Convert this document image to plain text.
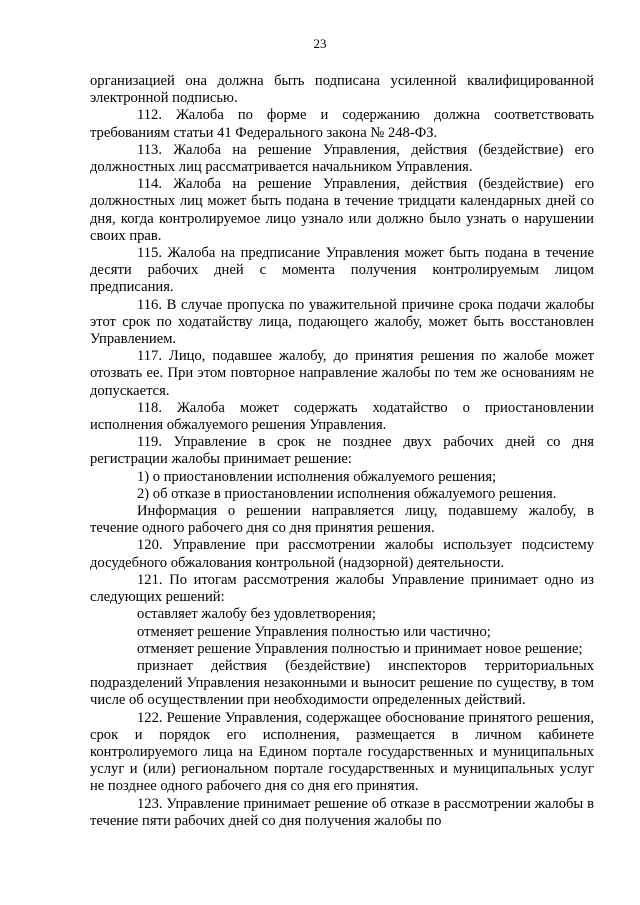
23

организацией она должна быть подписана усиленной квалифицированной электронной подписью.

112. Жалоба по форме и содержанию должна соответствовать требованиям статьи 41 Федерального закона № 248-ФЗ.

113. Жалоба на решение Управления, действия (бездействие) его должностных лиц рассматривается начальником Управления.

114. Жалоба на решение Управления, действия (бездействие) его должностных лиц может быть подана в течение тридцати календарных дней со дня, когда контролируемое лицо узнало или должно было узнать о нарушении своих прав.

115. Жалоба на предписание Управления может быть подана в течение десяти рабочих дней с момента получения контролируемым лицом предписания.

116. В случае пропуска по уважительной причине срока подачи жалобы этот срок по ходатайству лица, подающего жалобу, может быть восстановлен Управлением.

117. Лицо, подавшее жалобу, до принятия решения по жалобе может отозвать ее. При этом повторное направление жалобы по тем же основаниям не допускается.

118. Жалоба может содержать ходатайство о приостановлении исполнения обжалуемого решения Управления.

119. Управление в срок не позднее двух рабочих дней со дня регистрации жалобы принимает решение:

1) о приостановлении исполнения обжалуемого решения;

2) об отказе в приостановлении исполнения обжалуемого решения.

Информация о решении направляется лицу, подавшему жалобу, в течение одного рабочего дня со дня принятия решения.

120. Управление при рассмотрении жалобы использует подсистему досудебного обжалования контрольной (надзорной) деятельности.

121. По итогам рассмотрения жалобы Управление принимает одно из следующих решений:

оставляет жалобу без удовлетворения;

отменяет решение Управления полностью или частично;

отменяет решение Управления полностью и принимает новое решение;

признает действия (бездействие) инспекторов территориальных подразделений Управления незаконными и выносит решение по существу, в том числе об осуществлении при необходимости определенных действий.

122. Решение Управления, содержащее обоснование принятого решения, срок и порядок его исполнения, размещается в личном кабинете контролируемого лица на Едином портале государственных и муниципальных услуг и (или) региональном портале государственных и муниципальных услуг не позднее одного рабочего дня со дня его принятия.

123. Управление принимает решение об отказе в рассмотрении жалобы в течение пяти рабочих дней со дня получения жалобы по
